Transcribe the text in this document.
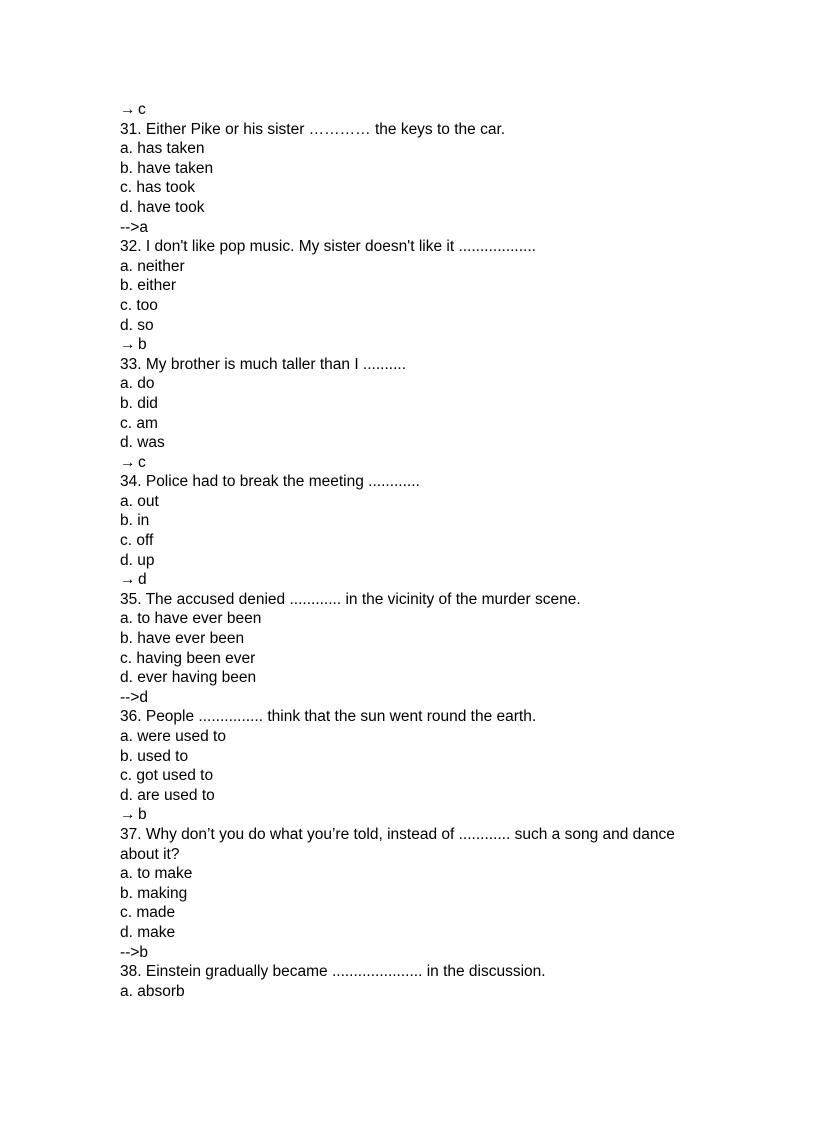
→ c
31. Either Pike or his sister ………… the keys to the car.
a. has taken
b. have taken
c. has took
d. have took
-->a
32. I don't like pop music. My sister doesn't like it ..................
a. neither
b. either
c. too
d. so
→ b
33. My brother is much taller than I ..........
a. do
b. did
c. am
d. was
→ c
34. Police had to break the meeting ............
a. out
b. in
c. off
d. up
→ d
35. The accused denied ............ in the vicinity of the murder scene.
a. to have ever been
b. have ever been
c. having been ever
d. ever having been
-->d
36. People ............... think that the sun went round the earth.
a. were used to
b. used to
c. got used to
d. are used to
→ b
37. Why don’t you do what you’re told, instead of ............ such a song and dance about it?
a. to make
b. making
c. made
d. make
-->b
38. Einstein gradually became ..................... in the discussion.
a. absorb
